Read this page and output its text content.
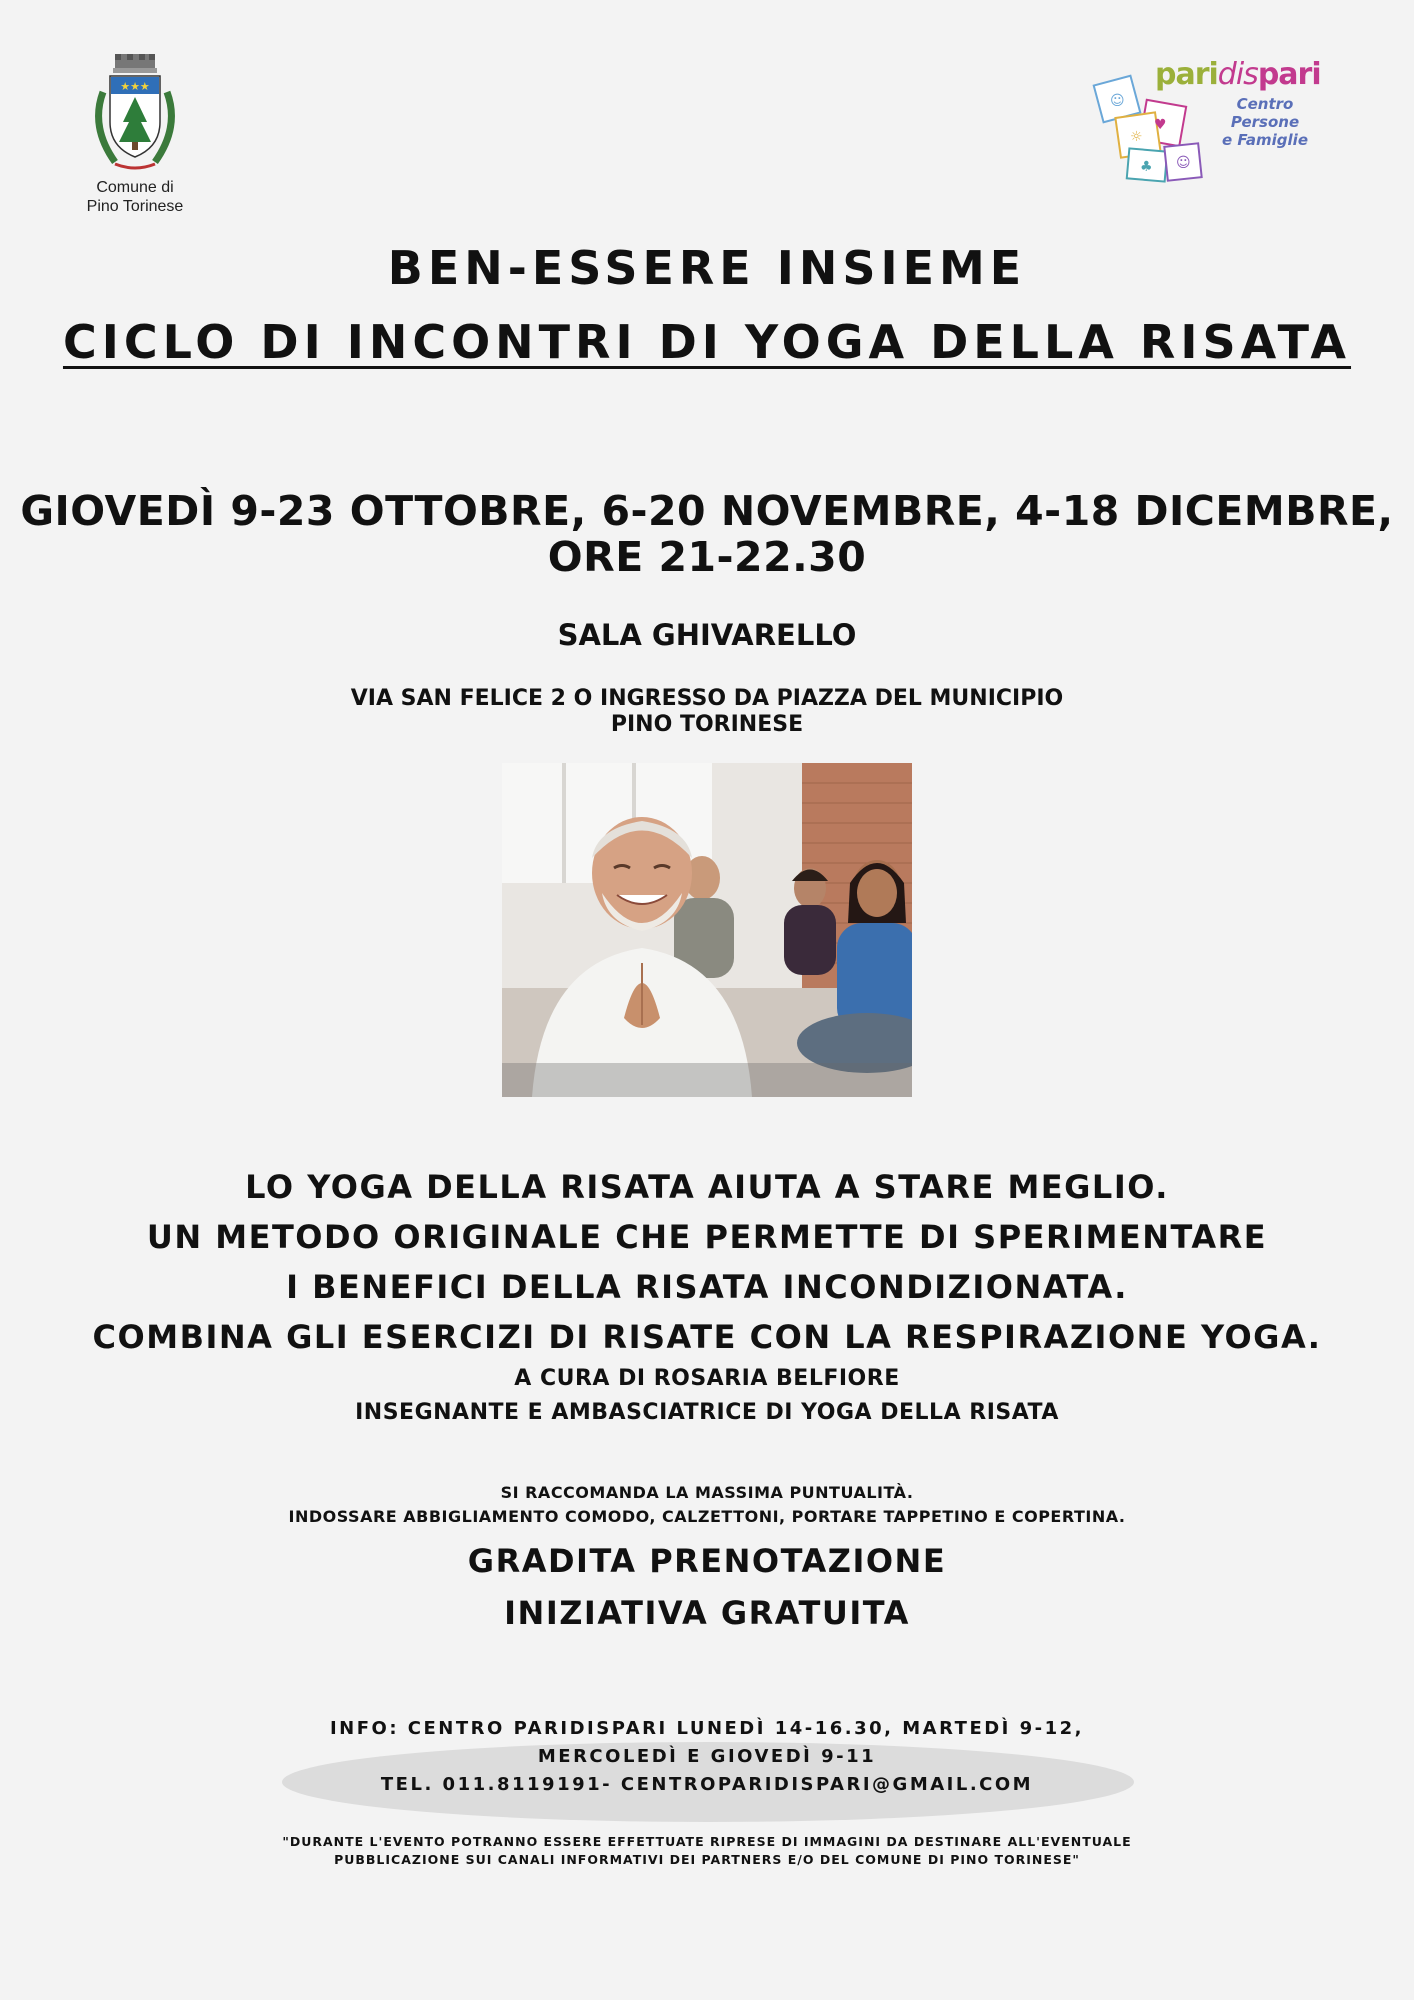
★★★
Comune di
Pino Torinese
☺
♥
☼
♣ ☺
paridispari
Centro Persone
e Famiglie
BEN-ESSERE INSIEME
CICLO DI INCONTRI DI YOGA DELLA RISATA
GIOVEDÌ 9-23 OTTOBRE, 6-20 NOVEMBRE, 4-18 DICEMBRE,
ORE 21-22.30
SALA GHIVARELLO
VIA SAN FELICE 2 O INGRESSO DA PIAZZA DEL MUNICIPIO
PINO TORINESE
LO YOGA DELLA RISATA AIUTA A STARE MEGLIO.
UN METODO ORIGINALE CHE PERMETTE DI SPERIMENTARE
I BENEFICI DELLA RISATA INCONDIZIONATA.
COMBINA GLI ESERCIZI DI RISATE CON LA RESPIRAZIONE YOGA.
A CURA DI ROSARIA BELFIORE
INSEGNANTE E AMBASCIATRICE DI YOGA DELLA RISATA
SI RACCOMANDA LA MASSIMA PUNTUALITÀ.
INDOSSARE ABBIGLIAMENTO COMODO, CALZETTONI, PORTARE TAPPETINO E COPERTINA.
GRADITA PRENOTAZIONE
INIZIATIVA GRATUITA
INFO: CENTRO PARIDISPARI LUNEDÌ 14-16.30, MARTEDÌ 9-12,
MERCOLEDÌ E GIOVEDÌ 9-11
TEL. 011.8119191- CENTROPARIDISPARI@GMAIL.COM
"DURANTE L'EVENTO POTRANNO ESSERE EFFETTUATE RIPRESE DI IMMAGINI DA DESTINARE ALL'EVENTUALE
PUBBLICAZIONE SUI CANALI INFORMATIVI DEI PARTNERS E/O DEL COMUNE DI PINO TORINESE"
